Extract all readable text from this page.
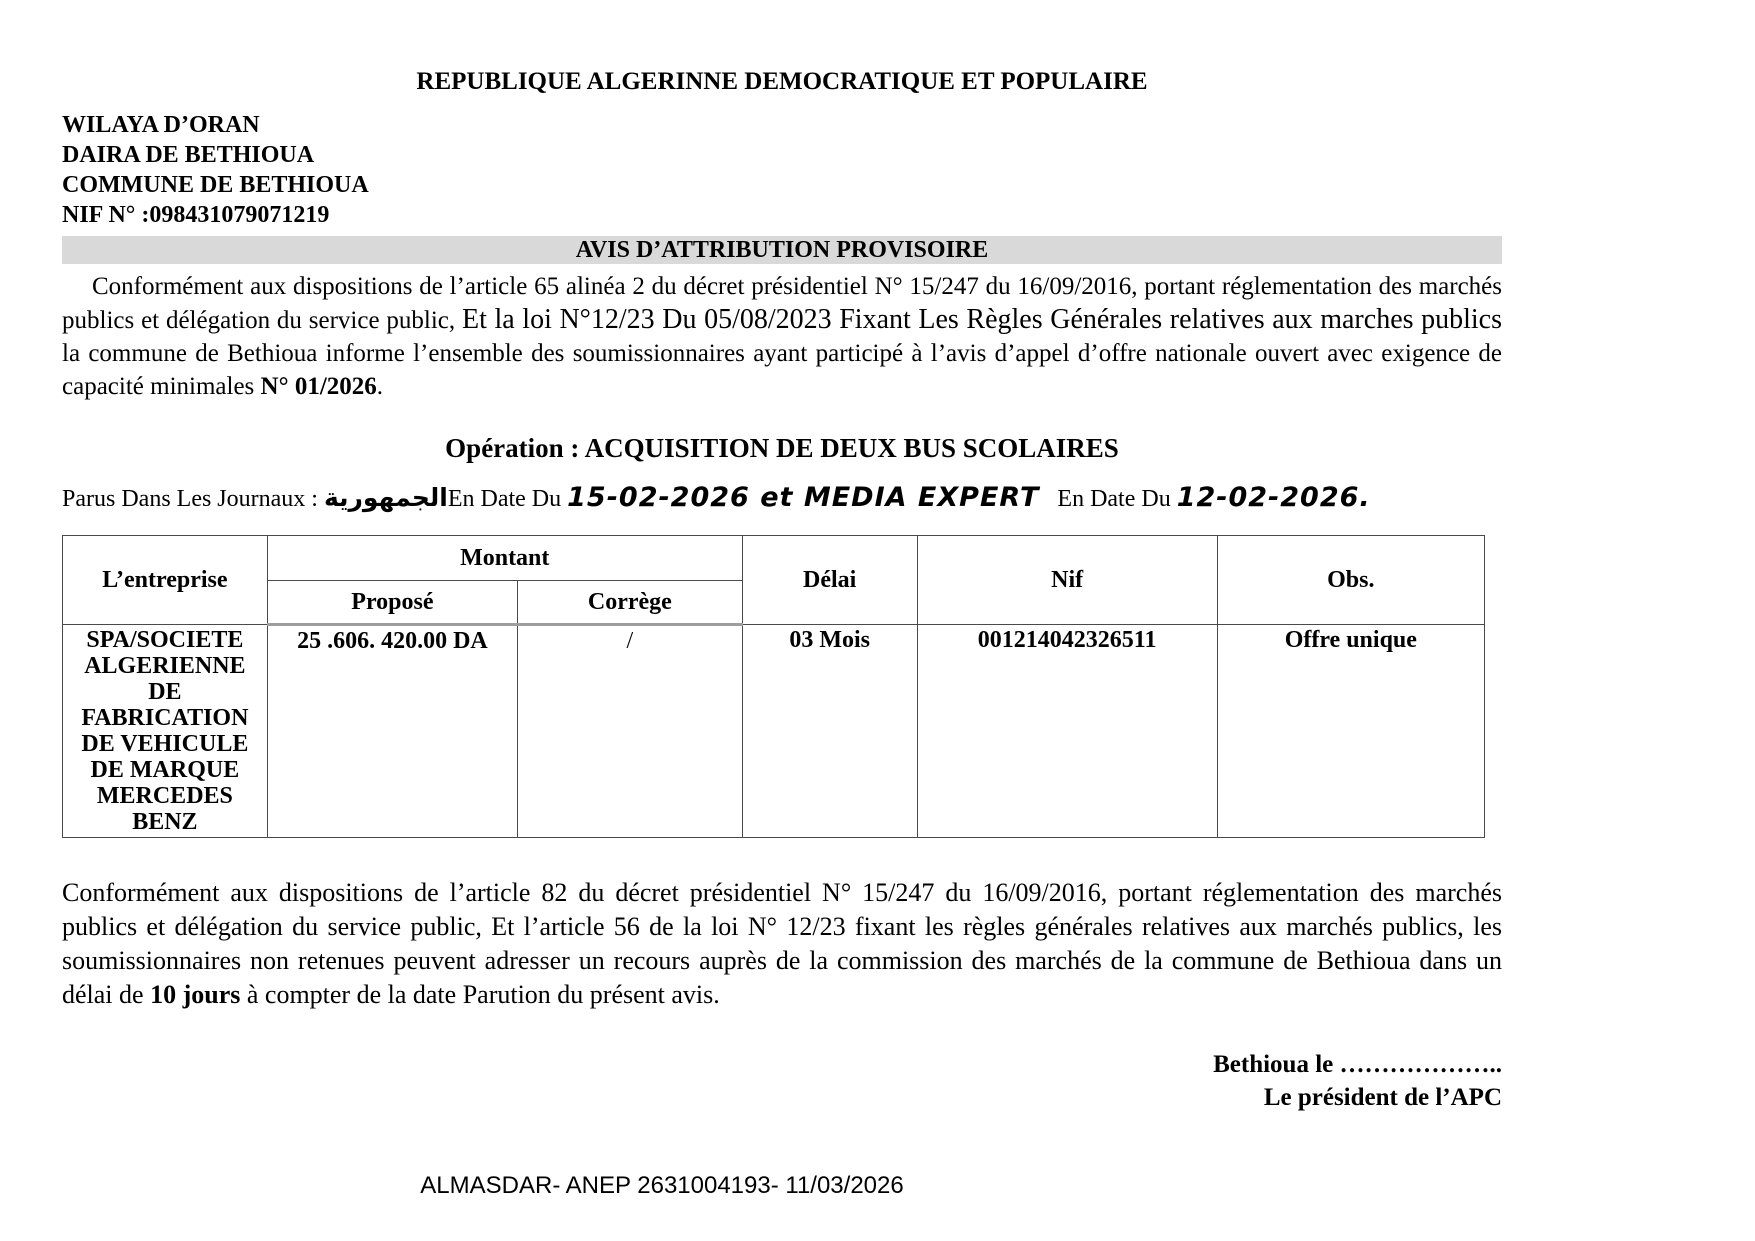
REPUBLIQUE ALGERINNE DEMOCRATIQUE ET POPULAIRE
WILAYA D’ORAN
DAIRA DE BETHIOUA
COMMUNE DE BETHIOUA
NIF N° :098431079071219
AVIS D’ATTRIBUTION PROVISOIRE
Conformément aux dispositions de l’article 65 alinéa 2 du décret présidentiel N° 15/247 du 16/09/2016, portant réglementation des marchés publics et délégation du service public, Et la loi N°12/23 Du 05/08/2023 Fixant Les Règles Générales relatives aux marches publics la commune de Bethioua informe l’ensemble des soumissionnaires ayant participé à l’avis d’appel d’offre nationale ouvert avec exigence de capacité minimales N° 01/2026.
Opération : ACQUISITION DE DEUX BUS SCOLAIRES
Parus Dans Les Journaux : الجمهوريةEn Date Du 15-02-2026 et MEDIA EXPERT   En Date Du 12-02-2026.
L’entreprise	Montant		Délai	Nif	Obs.
	Proposé	Corrège			
SPA/SOCIETE ALGERIENNE DE FABRICATION DE VEHICULE DE MARQUE MERCEDES BENZ	25 .606. 420.00 DA	/	03 Mois	001214042326511	Offre unique
Conformément aux dispositions de l’article 82 du décret présidentiel N° 15/247 du 16/09/2016, portant réglementation des marchés publics et délégation du service public, Et l’article 56 de la loi N° 12/23 fixant les règles générales relatives aux marchés publics, les soumissionnaires non retenues peuvent adresser un recours auprès de la commission des marchés de la commune de Bethioua dans un délai de 10 jours à compter de la date Parution du présent avis.
Bethioua le ………………..
Le président de l’APC
ALMASDAR- ANEP 2631004193- 11/03/2026
